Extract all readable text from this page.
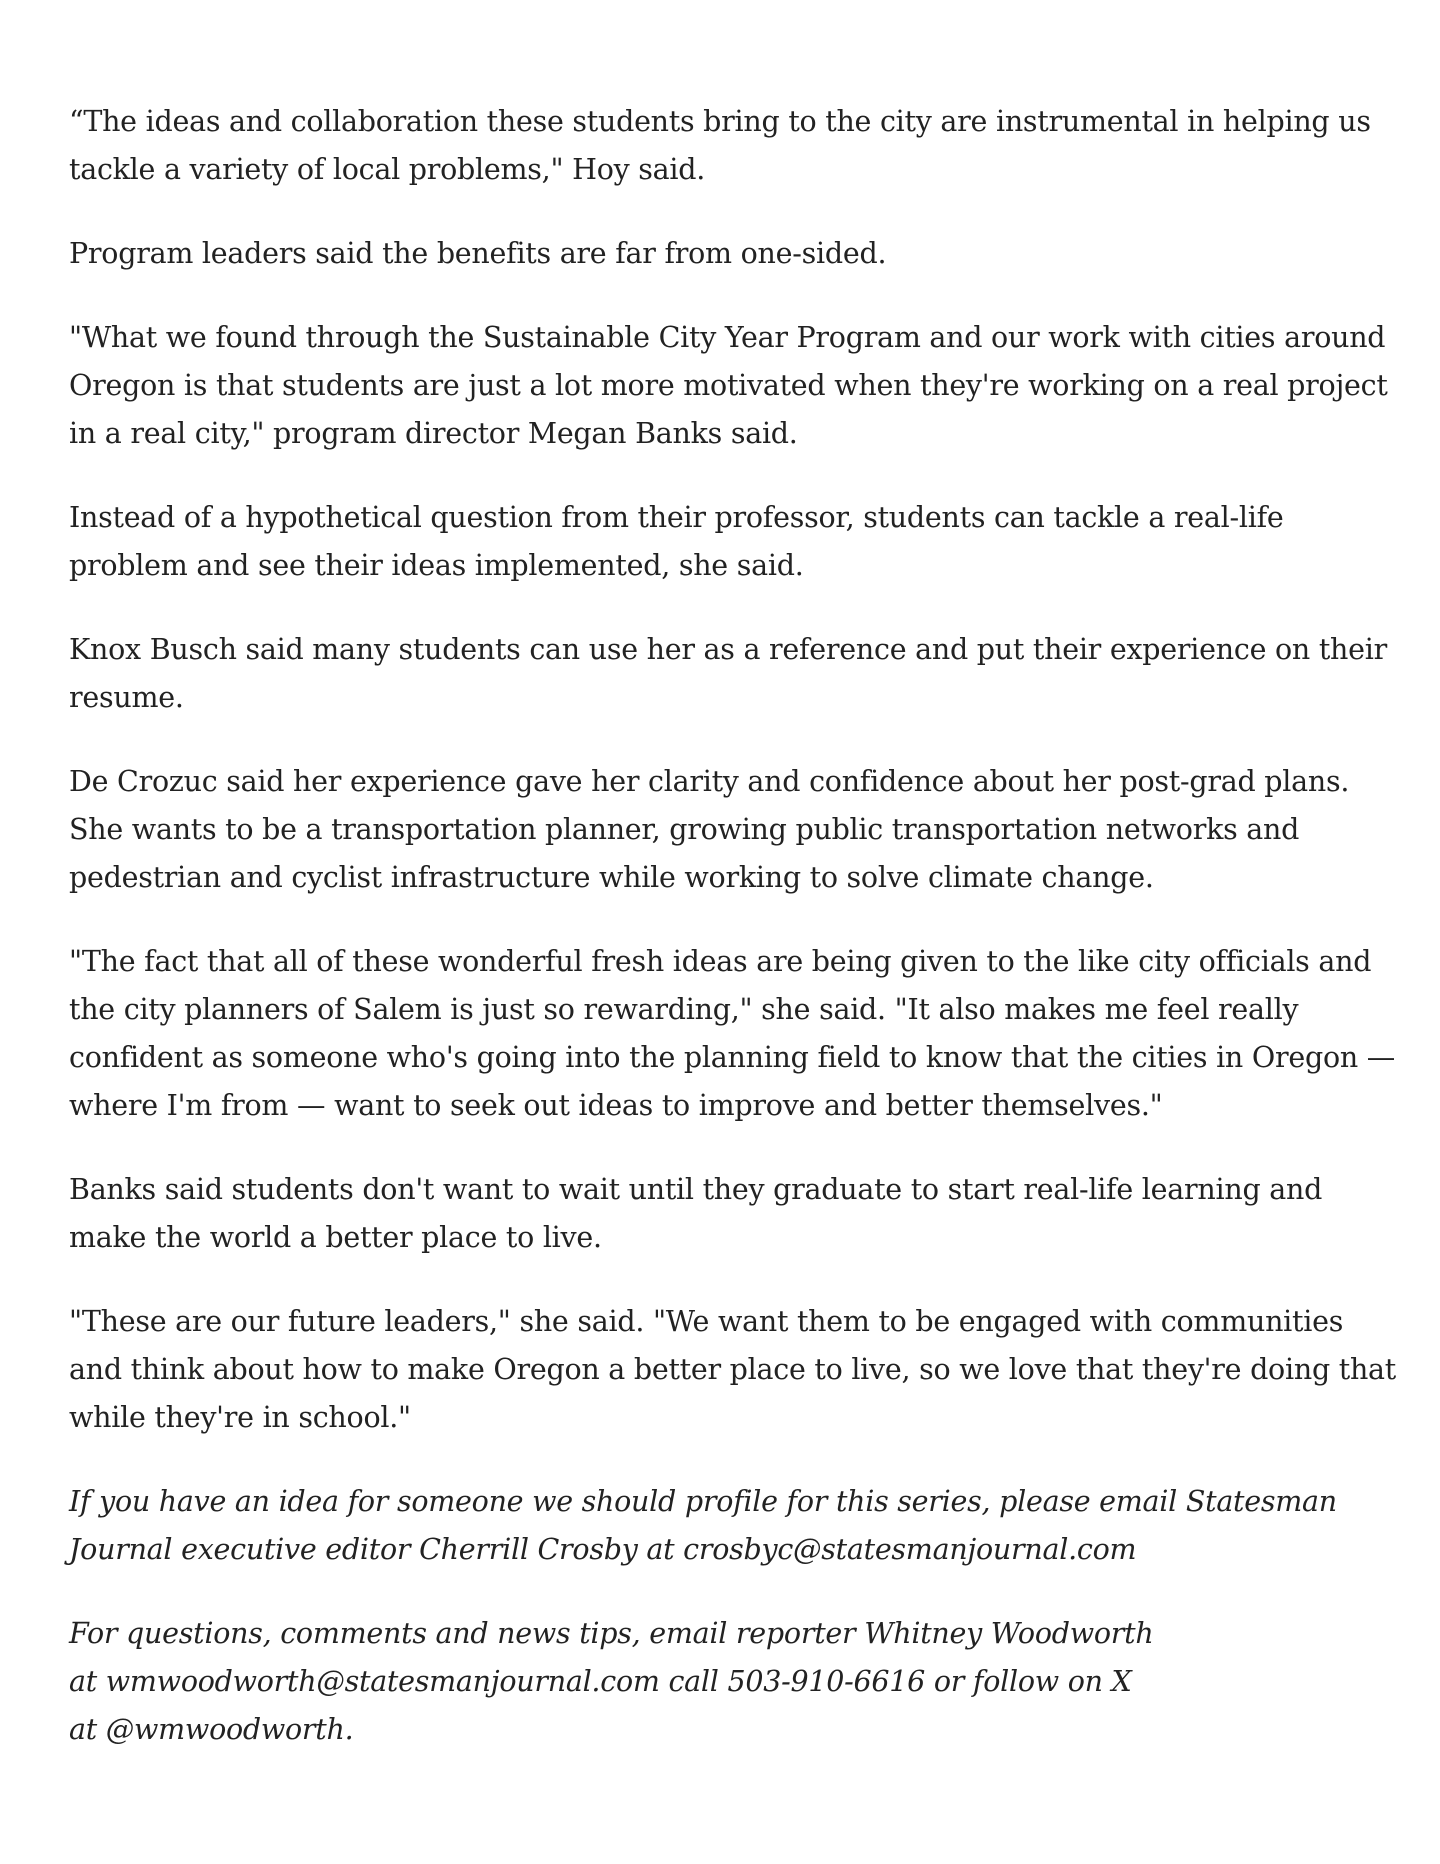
“The ideas and collaboration these students bring to the city are instrumental in helping us tackle a variety of local problems," Hoy said.

Program leaders said the benefits are far from one-sided.

"What we found through the Sustainable City Year Program and our work with cities around Oregon is that students are just a lot more motivated when they're working on a real project in a real city," program director Megan Banks said.

Instead of a hypothetical question from their professor, students can tackle a real-life problem and see their ideas implemented, she said.

Knox Busch said many students can use her as a reference and put their experience on their resume.

De Crozuc said her experience gave her clarity and confidence about her post-grad plans. She wants to be a transportation planner, growing public transportation networks and pedestrian and cyclist infrastructure while working to solve climate change.

"The fact that all of these wonderful fresh ideas are being given to the like city officials and the city planners of Salem is just so rewarding," she said. "It also makes me feel really confident as someone who's going into the planning field to know that the cities in Oregon — where I'm from — want to seek out ideas to improve and better themselves."

Banks said students don't want to wait until they graduate to start real-life learning and make the world a better place to live.

"These are our future leaders," she said. "We want them to be engaged with communities and think about how to make Oregon a better place to live, so we love that they're doing that while they're in school."

If you have an idea for someone we should profile for this series, please email Statesman Journal executive editor Cherrill Crosby at crosbyc@statesmanjournal.com

For questions, comments and news tips, email reporter Whitney Woodworth
at wmwoodworth@statesmanjournal.com call 503-910-6616 or follow on X
at @wmwoodworth.
